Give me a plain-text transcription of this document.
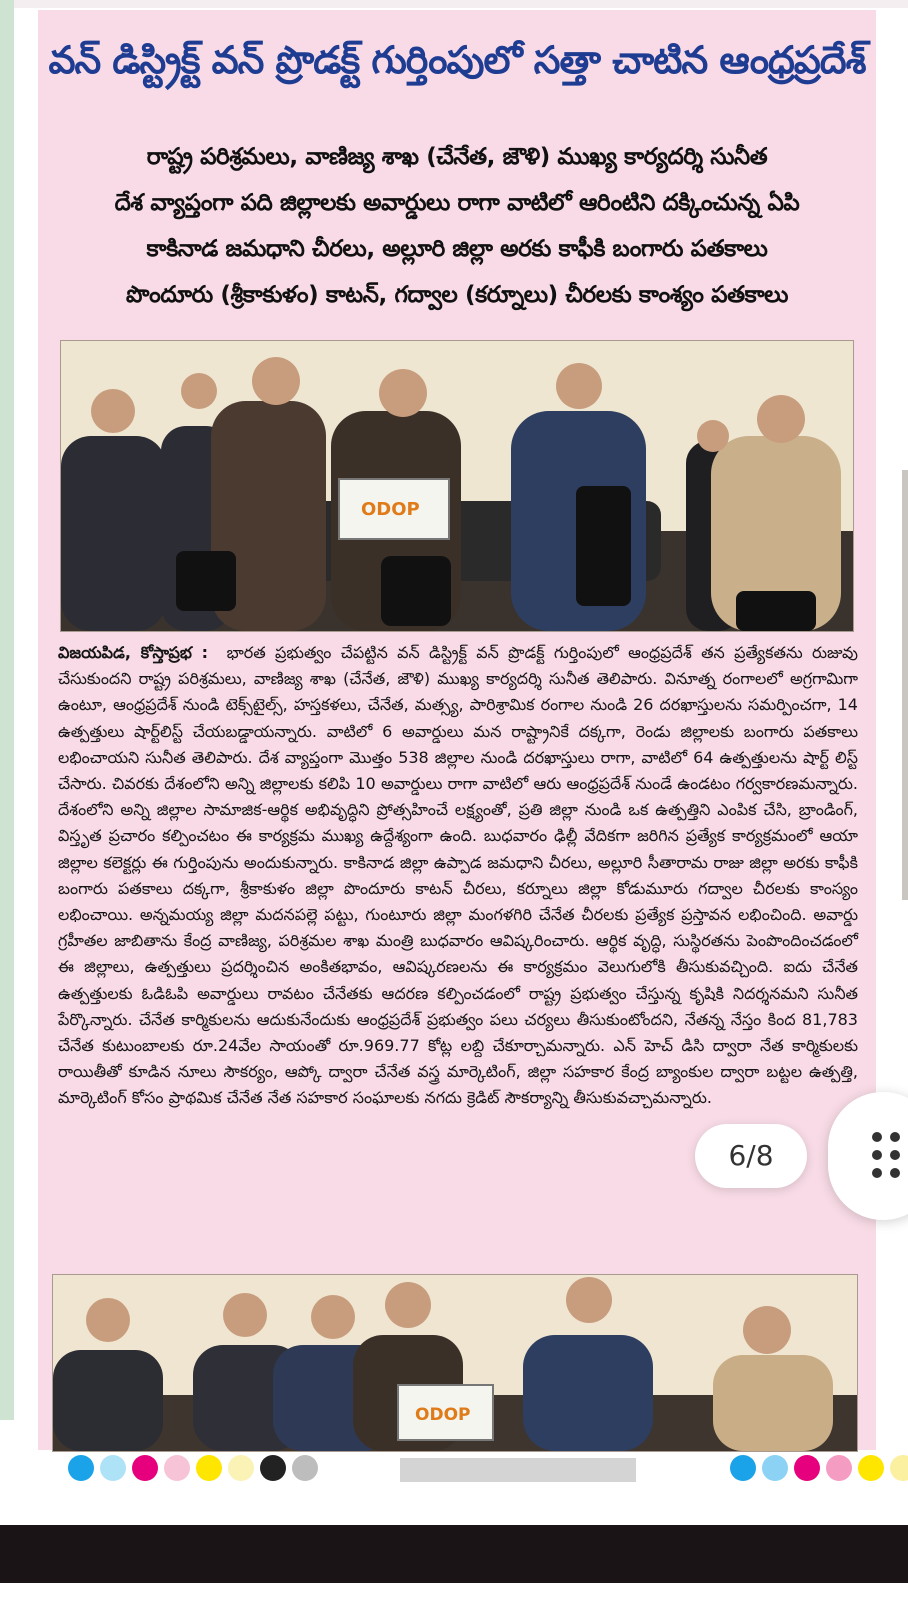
వన్ డిస్ట్రిక్ట్ వన్ ప్రొడక్ట్ గుర్తింపులో సత్తా చాటిన ఆంధ్రప్రదేశ్
రాష్ట్ర పరిశ్రమలు, వాణిజ్య శాఖ (చేనేత, జౌళి) ముఖ్య కార్యదర్శి సునీత
దేశ వ్యాప్తంగా పది జిల్లాలకు అవార్డులు రాగా వాటిలో ఆరింటిని దక్కించున్న ఏపి
కాకినాడ జమధాని చీరలు, అల్లూరి జిల్లా అరకు కాఫీకి బంగారు పతకాలు
పొందూరు (శ్రీకాకుళం) కాటన్, గద్వాల (కర్నూలు) చీరలకు కాంశ్యం పతకాలు
ODOP

విజయపిడ, కోస్తాప్రభ : భారత ప్రభుత్వం చేపట్టిన వన్ డిస్ట్రిక్ట్ వన్ ప్రొడక్ట్ గుర్తింపులో ఆంధ్రప్రదేశ్ తన ప్రత్యేకతను రుజువు చేసుకుందని రాష్ట్ర పరిశ్రమలు, వాణిజ్య శాఖ (చేనేత, జౌళి) ముఖ్య కార్యదర్శి సునీత తెలిపారు. వినూత్న రంగాలలో అగ్రగామిగా ఉంటూ, ఆంధ్రప్రదేశ్ నుండి టెక్స్‌టైల్స్, హస్తకళలు, చేనేత, మత్స్య, పారిశ్రామిక రంగాల నుండి 26 దరఖాస్తులను సమర్పించగా, 14 ఉత్పత్తులు షార్ట్‌లిస్ట్ చేయబడ్డాయన్నారు. వాటిలో 6 అవార్డులు మన రాష్ట్రానికే దక్కగా, రెండు జిల్లాలకు బంగారు పతకాలు లభించాయని సునీత తెలిపారు. దేశ వ్యాప్తంగా మొత్తం 538 జిల్లాల నుండి దరఖాస్తులు రాగా, వాటిలో 64 ఉత్పత్తులను షార్ట్ లిస్ట్ చేసారు. చివరకు దేశంలోని అన్ని జిల్లాలకు కలిపి 10 అవార్డులు రాగా వాటిలో ఆరు ఆంధ్రప్రదేశ్ నుండే ఉండటం గర్వకారణమన్నారు. దేశంలోని అన్ని జిల్లాల సామాజిక-ఆర్థిక అభివృద్ధిని ప్రోత్సహించే లక్ష్యంతో, ప్రతి జిల్లా నుండి ఒక ఉత్పత్తిని ఎంపిక చేసి, బ్రాండింగ్, విస్తృత ప్రచారం కల్పించటం ఈ కార్యక్రమ ముఖ్య ఉద్దేశ్యంగా ఉంది. బుధవారం ఢిల్లీ వేదికగా జరిగిన ప్రత్యేక కార్యక్రమంలో ఆయా జిల్లాల కలెక్టర్లు ఈ గుర్తింపును అందుకున్నారు. కాకినాడ జిల్లా ఉప్పాడ జమధాని చీరలు, అల్లూరి సీతారామ రాజు జిల్లా అరకు కాఫీకి బంగారు పతకాలు దక్కగా, శ్రీకాకుళం జిల్లా పొందూరు కాటన్ చీరలు, కర్నూలు జిల్లా కోడుమూరు గద్వాల చీరలకు కాంస్యం లభించాయి. అన్నమయ్య జిల్లా మదనపల్లె పట్టు, గుంటూరు జిల్లా మంగళగిరి చేనేత చీరలకు ప్రత్యేక ప్రస్తావన లభించింది. అవార్డు గ్రహీతల జాబితాను కేంద్ర వాణిజ్య, పరిశ్రమల శాఖ మంత్రి బుధవారం ఆవిష్కరించారు. ఆర్థిక వృద్ధి, సుస్థిరతను పెంపొందించడంలో ఈ జిల్లాలు, ఉత్పత్తులు ప్రదర్శించిన అంకితభావం, ఆవిష్కరణలను ఈ కార్యక్రమం వెలుగులోకి తీసుకువచ్చింది. ఐదు చేనేత ఉత్పత్తులకు ఓడిఓపి అవార్డులు రావటం చేనేతకు ఆదరణ కల్పించడంలో రాష్ట్ర ప్రభుత్వం చేస్తున్న కృషికి నిదర్శనమని సునీత పేర్కొన్నారు. చేనేత కార్మికులను ఆదుకునేందుకు ఆంధ్రప్రదేశ్ ప్రభుత్వం పలు చర్యలు తీసుకుంటోందని, నేతన్న నేస్తం కింద 81,783 చేనేత కుటుంబాలకు రూ.24వేల సాయంతో రూ.969.77 కోట్ల లబ్ది చేకూర్చామన్నారు. ఎన్ హెచ్ డిసి ద్వారా నేత కార్మికులకు రాయితీతో కూడిన నూలు సౌకర్యం, ఆప్కో ద్వారా చేనేత వస్త్ర మార్కెటింగ్, జిల్లా సహకార కేంద్ర బ్యాంకుల ద్వారా బట్టల ఉత్పత్తి, మార్కెటింగ్ కోసం ప్రాథమిక చేనేత నేత సహకార సంఘాలకు నగదు క్రెడిట్ సౌకర్యాన్ని తీసుకువచ్చామన్నారు.

ODOP
6/8
